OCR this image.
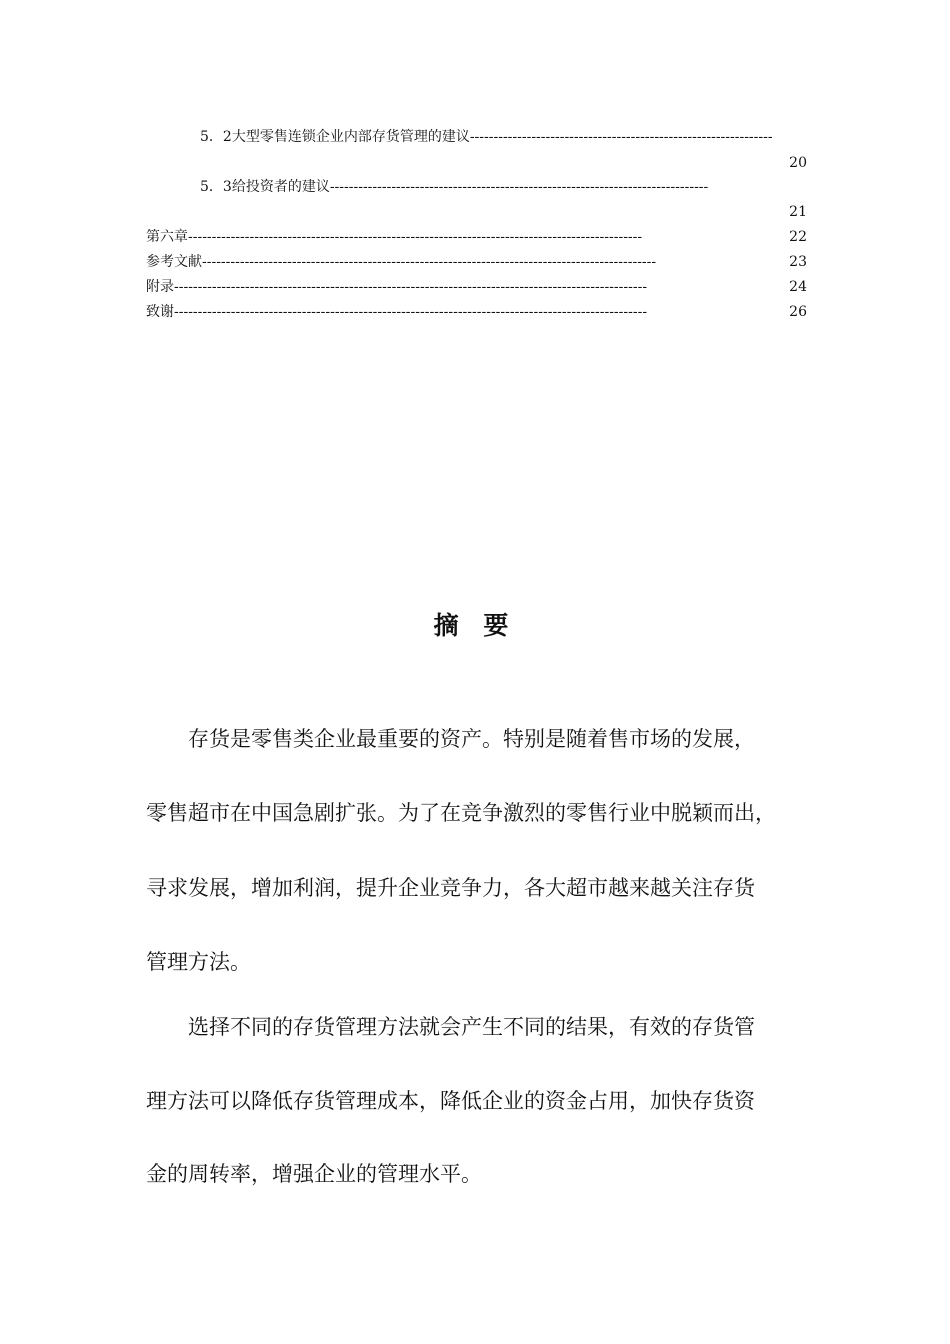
5．2大型零售连锁企业内部存货管理的建议----------------------------------------------------------------
20
5．3给投资者的建议--------------------------------------------------------------------------------
21
第六章------------------------------------------------------------------------------------------------	22
参考文献------------------------------------------------------------------------------------------------	23
附录----------------------------------------------------------------------------------------------------	24
致谢----------------------------------------------------------------------------------------------------	26
摘 要
存货是零售类企业最重要的资产。特别是随着售市场的发展，
零售超市在中国急剧扩张。为了在竞争激烈的零售行业中脱颖而出，
寻求发展，增加利润，提升企业竞争力，各大超市越来越关注存货
管理方法。
选择不同的存货管理方法就会产生不同的结果，有效的存货管
理方法可以降低存货管理成本，降低企业的资金占用，加快存货资
金的周转率，增强企业的管理水平。
